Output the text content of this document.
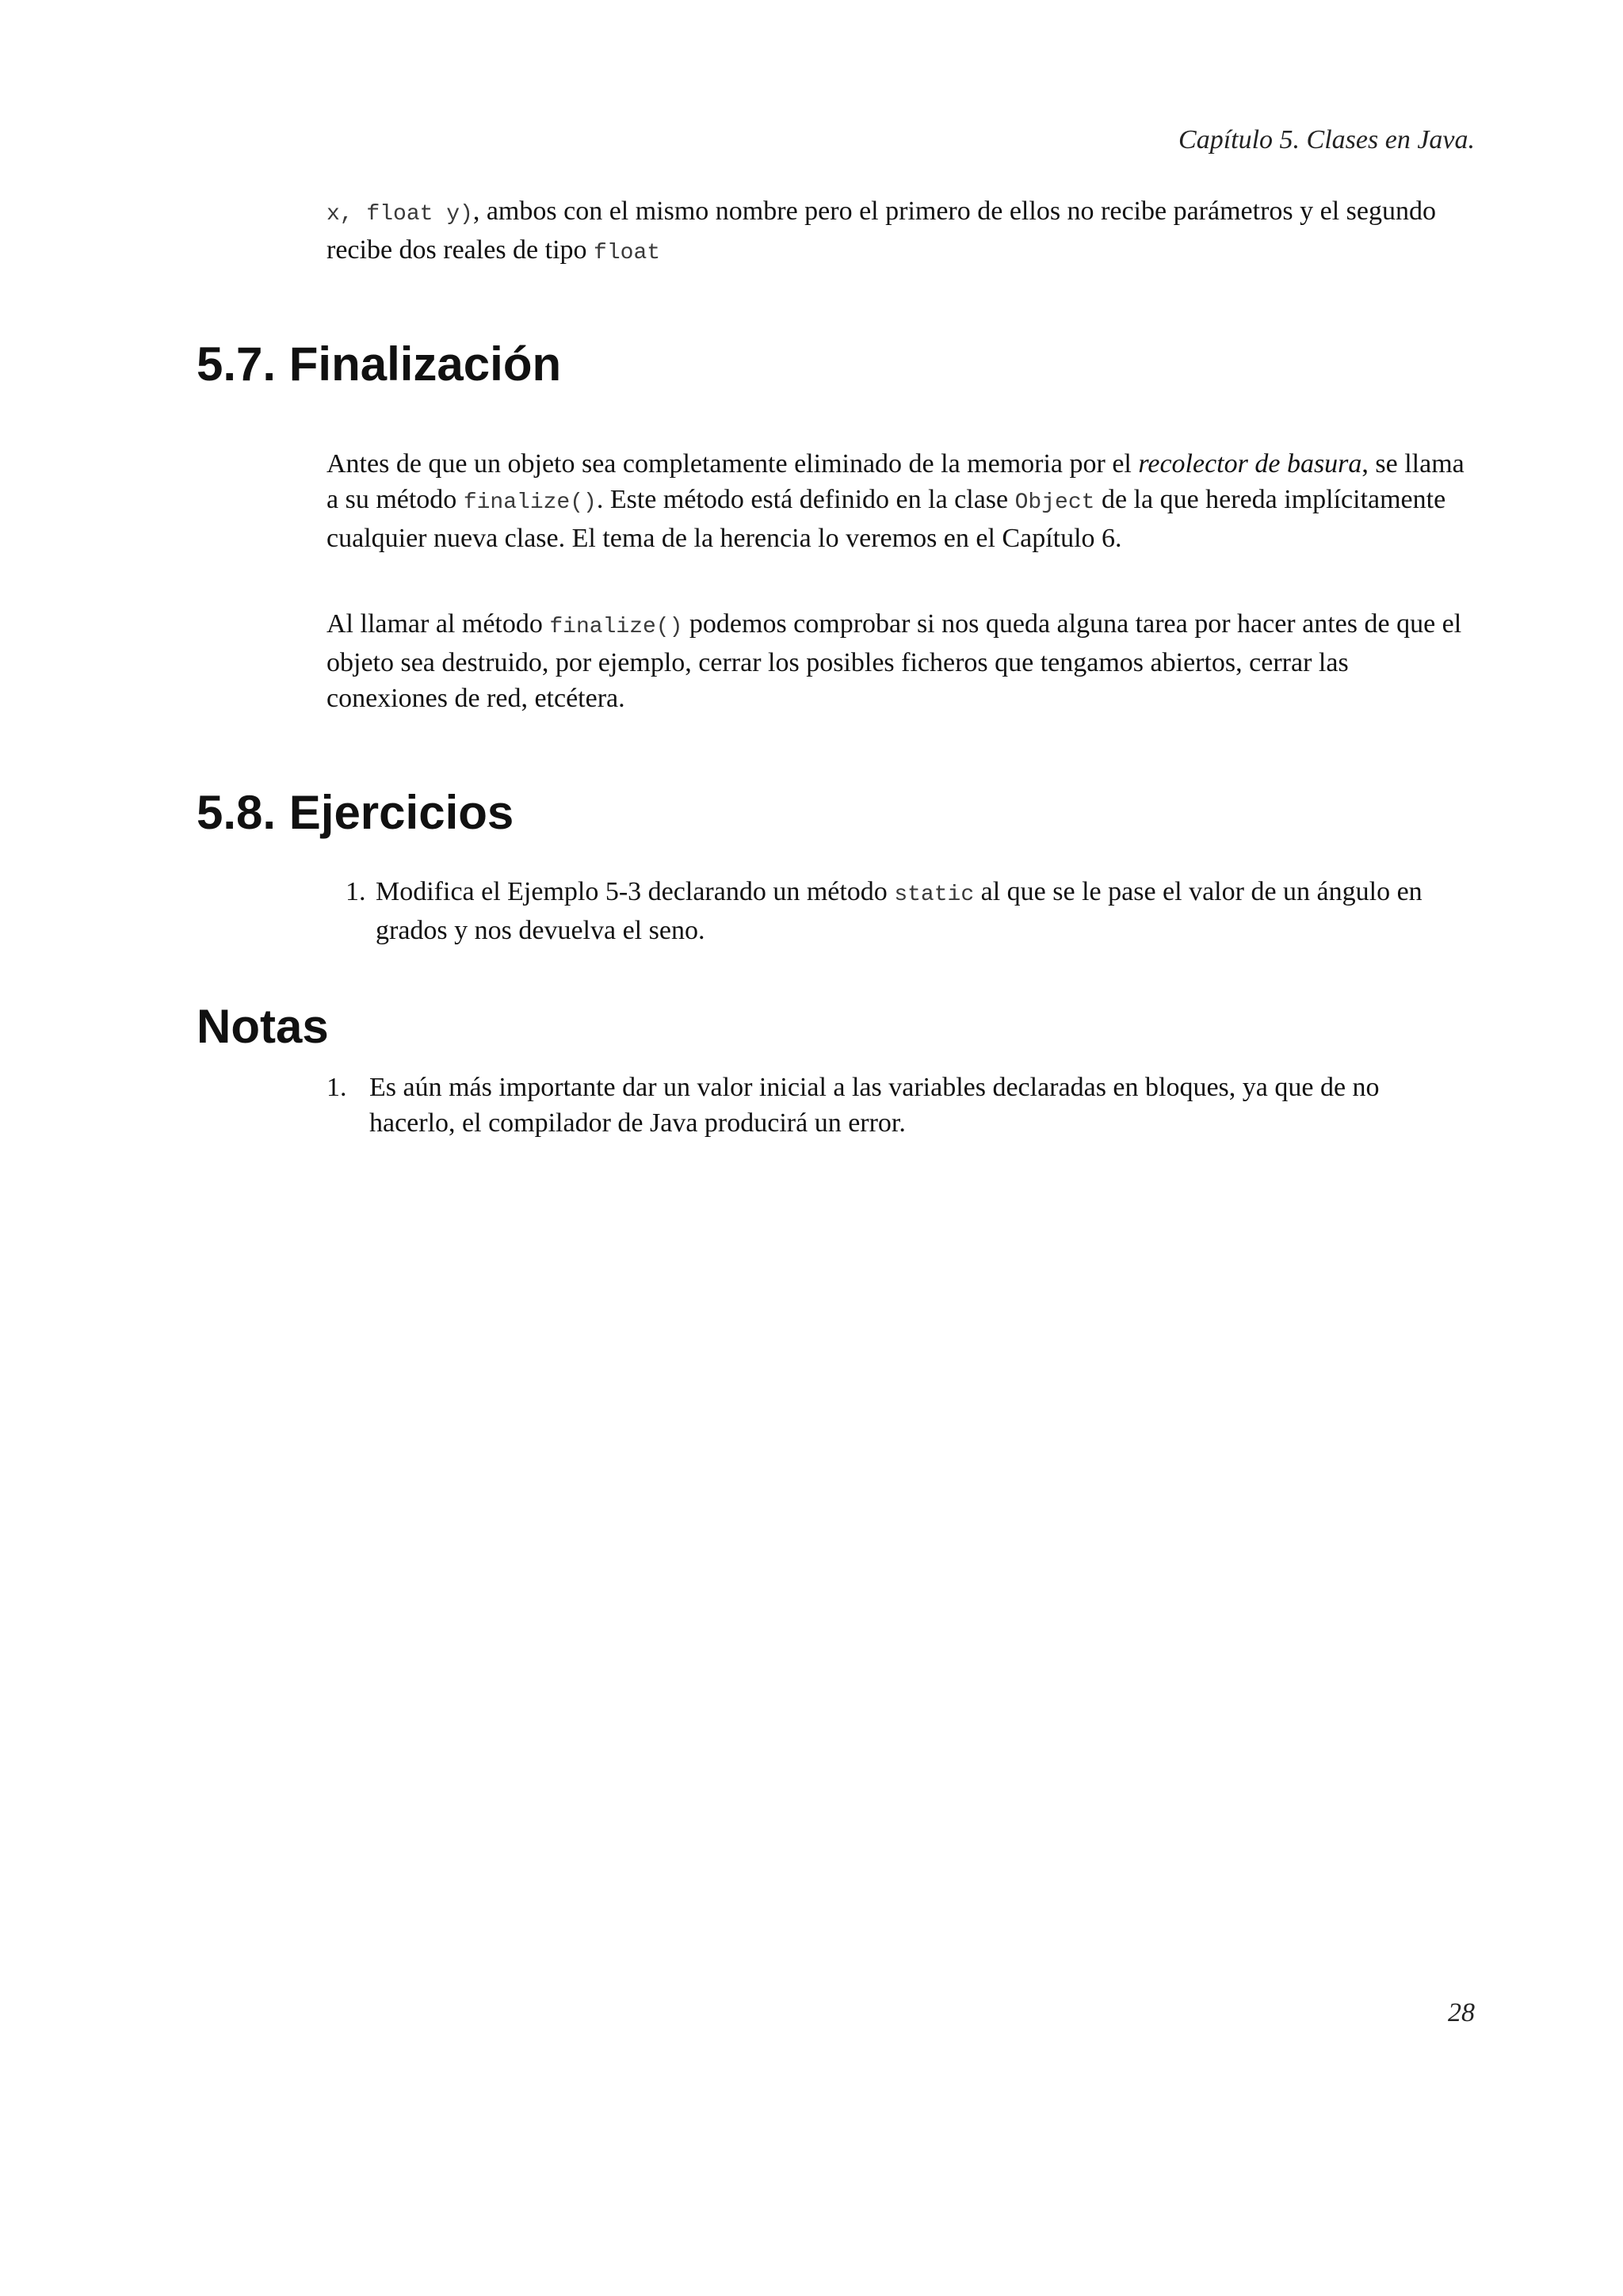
Capítulo 5. Clases en Java.
x, float y), ambos con el mismo nombre pero el primero de ellos no recibe parámetros y el segundo recibe dos reales de tipo float
5.7. Finalización
Antes de que un objeto sea completamente eliminado de la memoria por el recolector de basura, se llama a su método finalize(). Este método está definido en la clase Object de la que hereda implícitamente cualquier nueva clase. El tema de la herencia lo veremos en el Capítulo 6.
Al llamar al método finalize() podemos comprobar si nos queda alguna tarea por hacer antes de que el objeto sea destruido, por ejemplo, cerrar los posibles ficheros que tengamos abiertos, cerrar las conexiones de red, etcétera.
5.8. Ejercicios
1. Modifica el Ejemplo 5-3 declarando un método static al que se le pase el valor de un ángulo en grados y nos devuelva el seno.
Notas
1. Es aún más importante dar un valor inicial a las variables declaradas en bloques, ya que de no hacerlo, el compilador de Java producirá un error.
28
